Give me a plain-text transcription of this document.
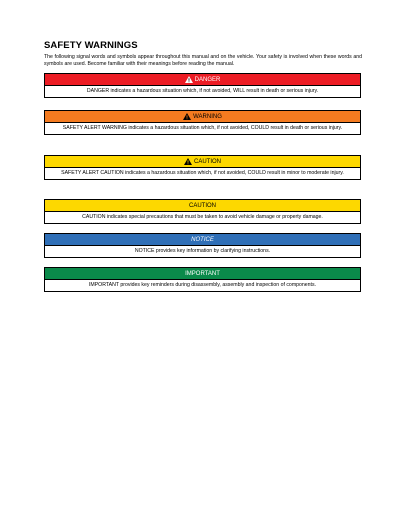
SAFETY WARNINGS
The following signal words and symbols appear throughout this manual and on the vehicle. Your safety is involved when these words and symbols are used. Become familiar with their meanings before reading the manual.
DANGER
DANGER indicates a hazardous situation which, if not avoided, WILL result in death or serious injury.
WARNING
SAFETY ALERT WARNING indicates a hazardous situation which, if not avoided, COULD result in death or serious injury.
CAUTION
SAFETY ALERT CAUTION indicates a hazardous situation which, if not avoided, COULD result in minor to moderate injury.
CAUTION
CAUTION indicates special precautions that must be taken to avoid vehicle damage or property damage.
NOTICE
NOTICE provides key information by clarifying instructions.
IMPORTANT
IMPORTANT provides key reminders during disassembly, assembly and inspection of components.
